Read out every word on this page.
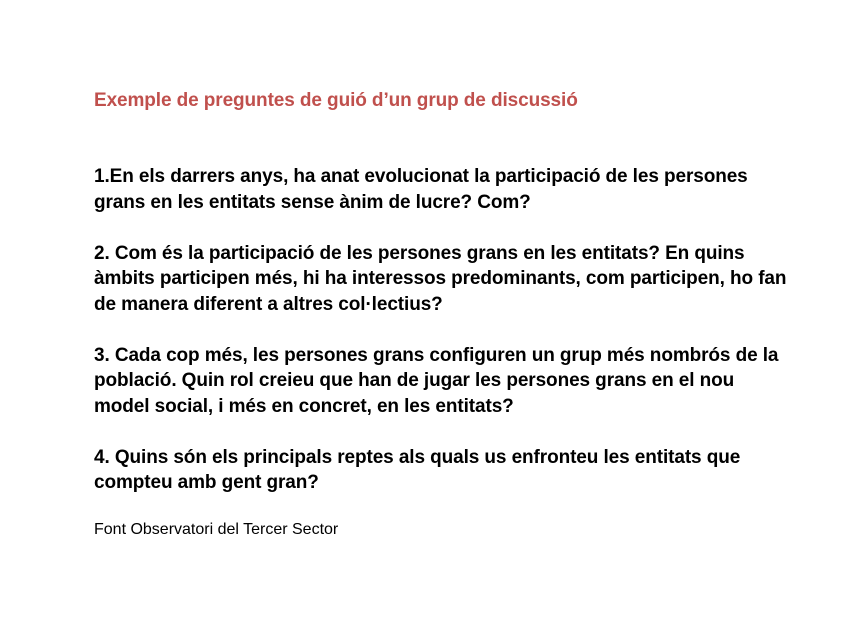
Exemple de preguntes de guió d’un grup de discussió

1.En els darrers anys, ha anat evolucionat la participació de les persones grans en les entitats sense ànim de lucre? Com?

2. Com és la participació de les persones grans en les entitats? En quins àmbits participen més, hi ha interessos predominants, com participen, ho fan de manera diferent a altres col·lectius?

3. Cada cop més, les persones grans configuren un grup més nombrós de la població. Quin rol creieu que han de jugar les persones grans en el nou model social, i més en concret, en les entitats?

4. Quins són els principals reptes als quals us enfronteu les entitats que compteu amb gent gran?

Font Observatori del Tercer Sector
